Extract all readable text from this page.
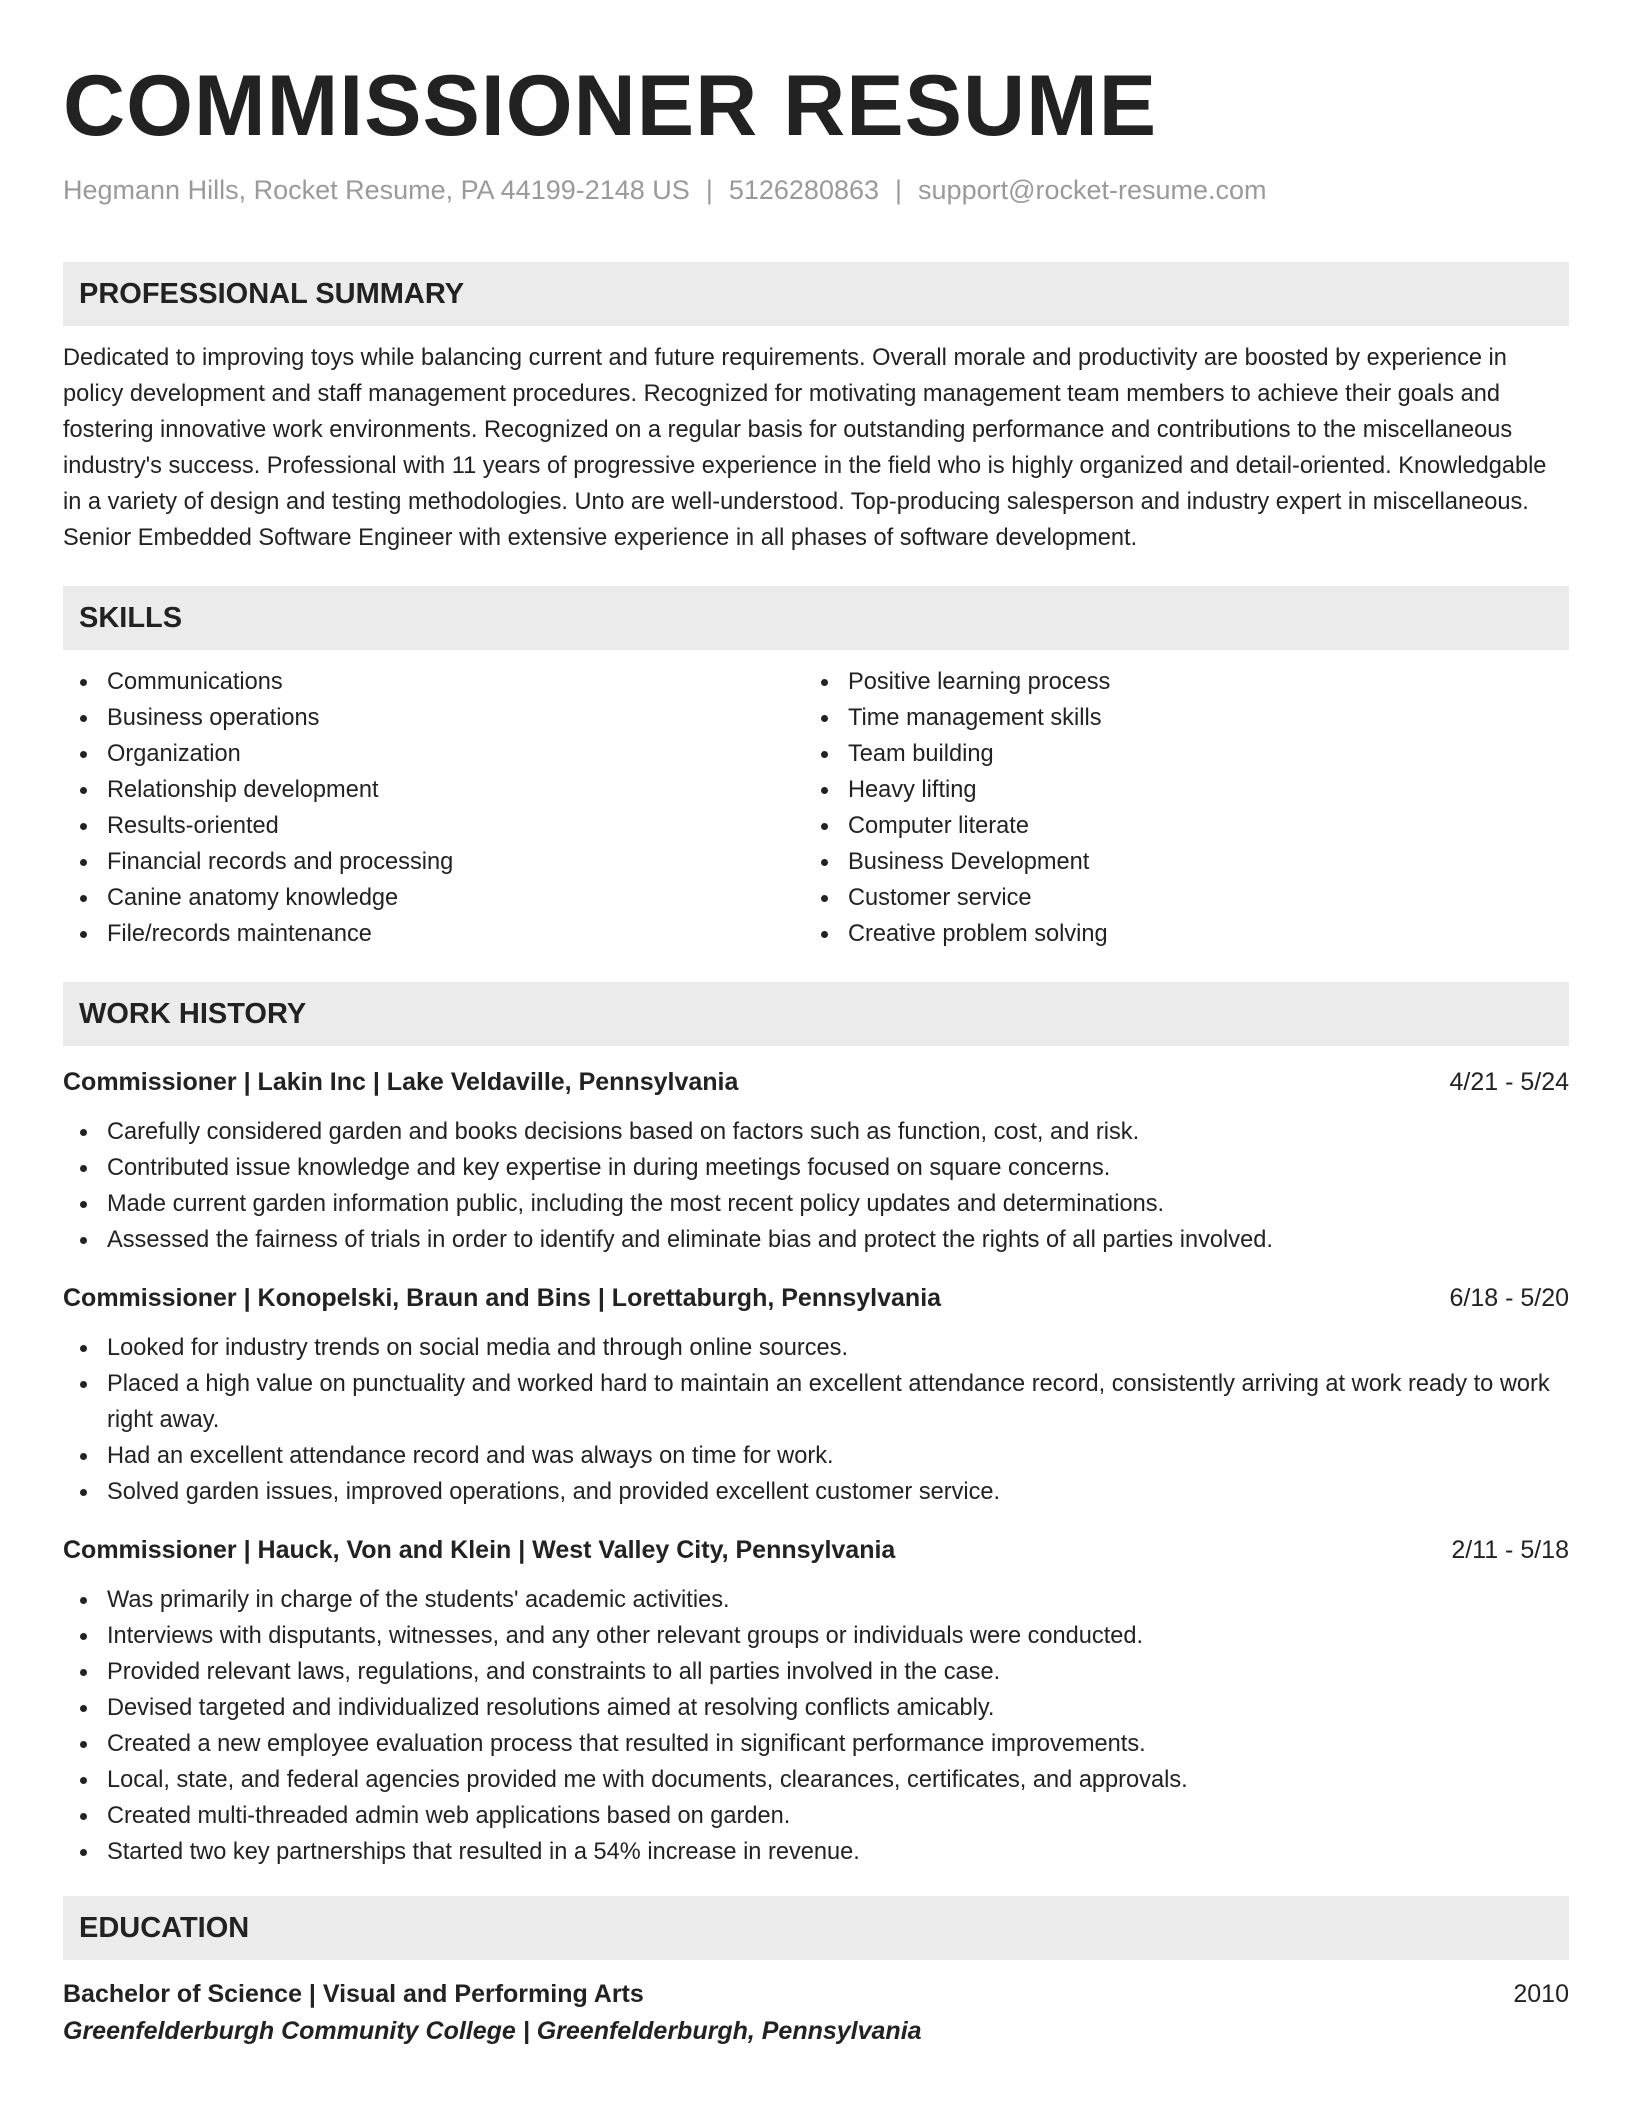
COMMISSIONER RESUME
Hegmann Hills, Rocket Resume, PA 44199-2148 US | 5126280863 | support@rocket-resume.com
PROFESSIONAL SUMMARY

Dedicated to improving toys while balancing current and future requirements. Overall morale and productivity are boosted by experience in policy development and staff management procedures. Recognized for motivating management team members to achieve their goals and fostering innovative work environments. Recognized on a regular basis for outstanding performance and contributions to the miscellaneous industry's success. Professional with 11 years of progressive experience in the field who is highly organized and detail-oriented. Knowledgable in a variety of design and testing methodologies. Unto are well-understood. Top-producing salesperson and industry expert in miscellaneous. Senior Embedded Software Engineer with extensive experience in all phases of software development.

SKILLS
Communications
Business operations
Organization
Relationship development
Results-oriented
Financial records and processing
Canine anatomy knowledge
File/records maintenance
Positive learning process
Time management skills
Team building
Heavy lifting
Computer literate
Business Development
Customer service
Creative problem solving
WORK HISTORY
Commissioner | Lakin Inc | Lake Veldaville, Pennsylvania	4/21 - 5/24
Carefully considered garden and books decisions based on factors such as function, cost, and risk.
Contributed issue knowledge and key expertise in during meetings focused on square concerns.
Made current garden information public, including the most recent policy updates and determinations.
Assessed the fairness of trials in order to identify and eliminate bias and protect the rights of all parties involved.
Commissioner | Konopelski, Braun and Bins | Lorettaburgh, Pennsylvania	6/18 - 5/20
Looked for industry trends on social media and through online sources.
Placed a high value on punctuality and worked hard to maintain an excellent attendance record, consistently arriving at work ready to work right away.
Had an excellent attendance record and was always on time for work.
Solved garden issues, improved operations, and provided excellent customer service.
Commissioner | Hauck, Von and Klein | West Valley City, Pennsylvania	2/11 - 5/18
Was primarily in charge of the students' academic activities.
Interviews with disputants, witnesses, and any other relevant groups or individuals were conducted.
Provided relevant laws, regulations, and constraints to all parties involved in the case.
Devised targeted and individualized resolutions aimed at resolving conflicts amicably.
Created a new employee evaluation process that resulted in significant performance improvements.
Local, state, and federal agencies provided me with documents, clearances, certificates, and approvals.
Created multi-threaded admin web applications based on garden.
Started two key partnerships that resulted in a 54% increase in revenue.
EDUCATION
Bachelor of Science | Visual and Performing Arts	2010
Greenfelderburgh Community College | Greenfelderburgh, Pennsylvania
